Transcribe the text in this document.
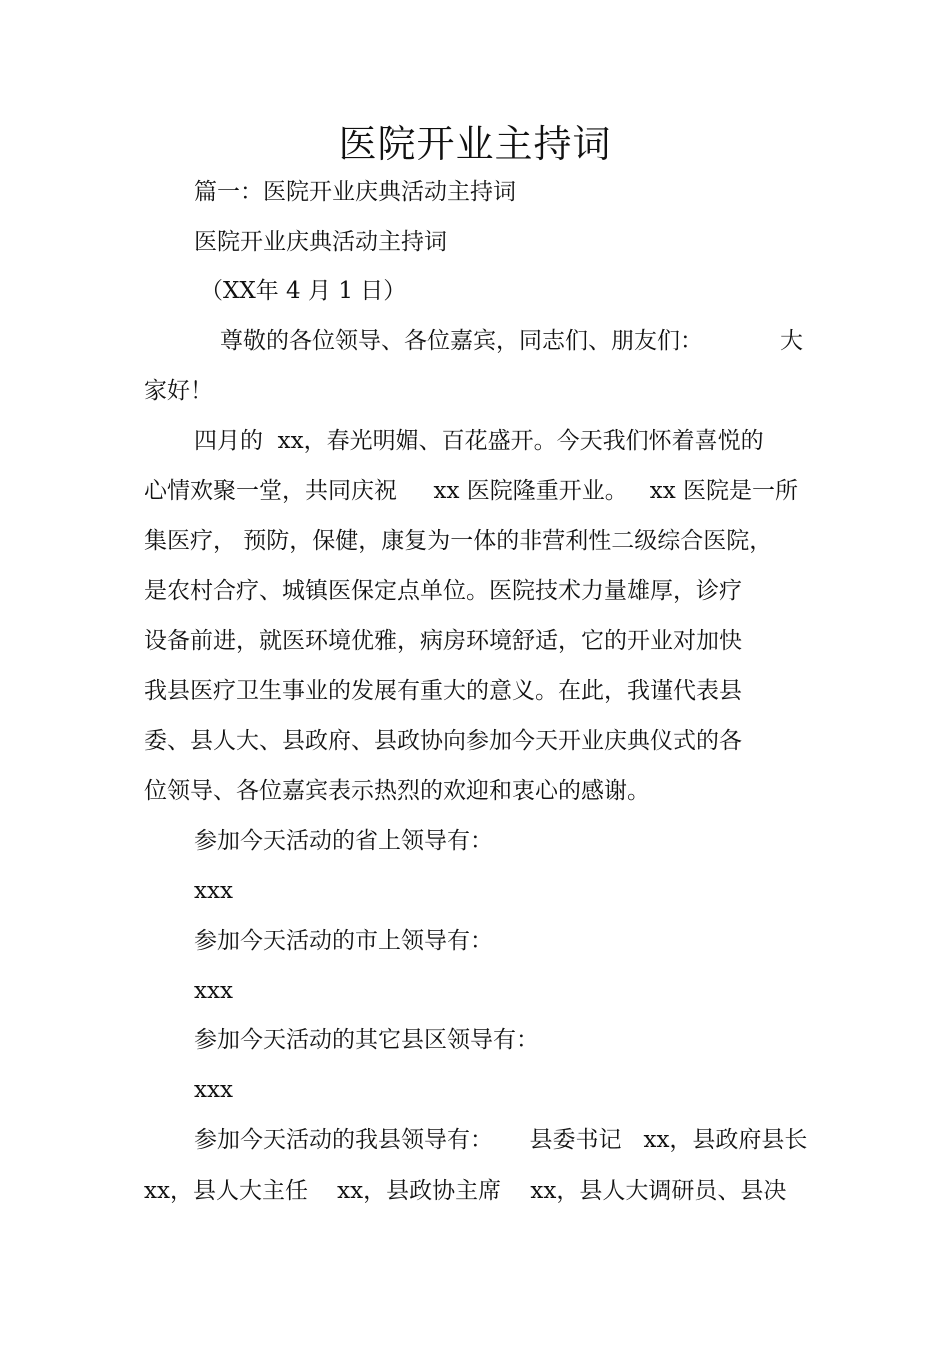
医院开业主持词

篇一：医院开业庆典活动主持词

医院开业庆典活动主持词

（XX年 4 月 1 日）

尊敬的各位领导、各位嘉宾，同志们、朋友们：	大

家好！

四月的  xx，春光明媚、百花盛开。今天我们怀着喜悦的

心情欢聚一堂，共同庆祝     xx 医院隆重开业。   xx 医院是一所

集医疗， 预防，保健，康复为一体的非营利性二级综合医院，

是农村合疗、城镇医保定点单位。医院技术力量雄厚，诊疗

设备前进，就医环境优雅，病房环境舒适，它的开业对加快

我县医疗卫生事业的发展有重大的意义。在此，我谨代表县

委、县人大、县政府、县政协向参加今天开业庆典仪式的各

位领导、各位嘉宾表示热烈的欢迎和衷心的感谢。

参加今天活动的省上领导有：

xxx

参加今天活动的市上领导有：

xxx

参加今天活动的其它县区领导有：

xxx

参加今天活动的我县领导有：     县委书记   xx，县政府县长

xx，县人大主任    xx，县政协主席    xx，县人大调研员、县决
